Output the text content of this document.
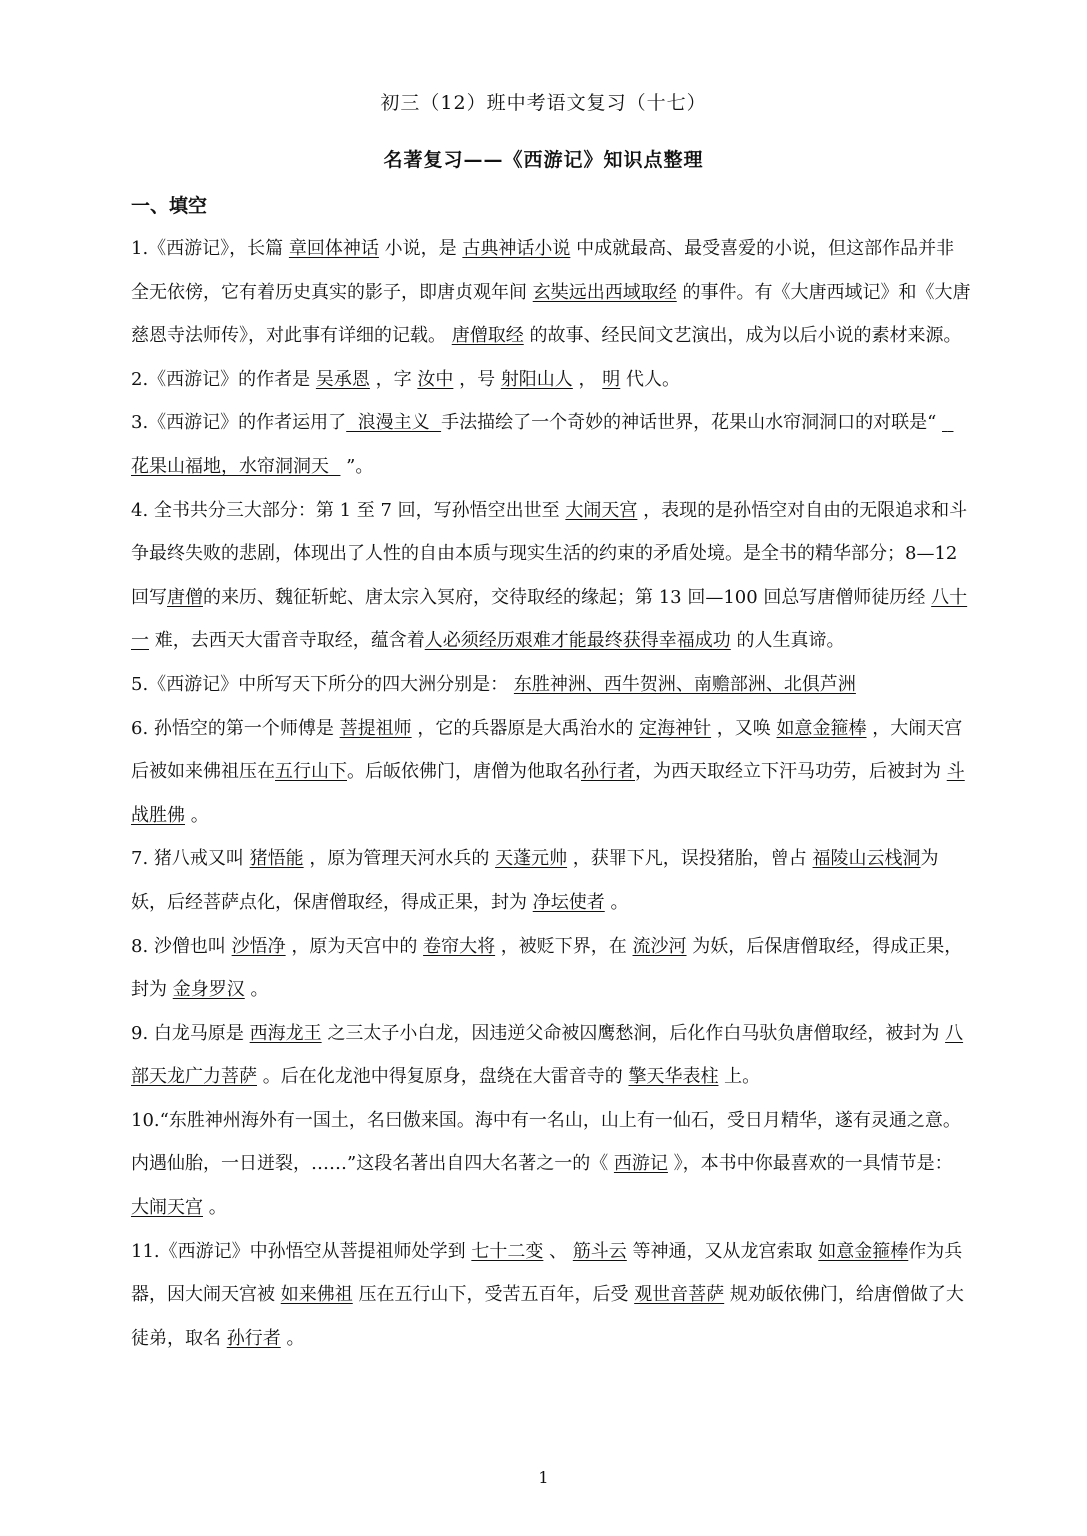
初三（12）班中考语文复习（十七）
名著复习——《西游记》知识点整理
一、填空

1.《西游记》，长篇 章回体神话 小说，是 古典神话小说 中成就最高、最受喜爱的小说，但这部作品并非全无依傍，它有着历史真实的影子，即唐贞观年间 玄奘远出西域取经 的事件。有《大唐西域记》和《大唐慈恩寺法师传》，对此事有详细的记载。 唐僧取经 的故事、经民间文艺演出，成为以后小说的素材来源。

2.《西游记》的作者是 吴承恩 ，字 汝中 ，号 射阳山人 ， 明 代人。

3.《西游记》的作者运用了  浪漫主义  手法描绘了一个奇妙的神话世界，花果山水帘洞洞口的对联是“   花果山福地，水帘洞洞天   ”。

4. 全书共分三大部分：第 1 至 7 回，写孙悟空出世至 大闹天宫 ，表现的是孙悟空对自由的无限追求和斗争最终失败的悲剧，体现出了人性的自由本质与现实生活的约束的矛盾处境。是全书的精华部分；8—12 回写唐僧的来历、魏征斩蛇、唐太宗入冥府，交待取经的缘起；第 13 回—100 回总写唐僧师徒历经 八十一 难，去西天大雷音寺取经，蕴含着人必须经历艰难才能最终获得幸福成功 的人生真谛。

5.《西游记》中所写天下所分的四大洲分别是： 东胜神洲、西牛贺洲、南赡部洲、北俱芦洲

6. 孙悟空的第一个师傅是 菩提祖师 ，它的兵器原是大禹治水的 定海神针 ，又唤 如意金箍棒 ，大闹天宫后被如来佛祖压在五行山下。后皈依佛门，唐僧为他取名孙行者，为西天取经立下汗马功劳，后被封为 斗战胜佛 。

7. 猪八戒又叫 猪悟能 ，原为管理天河水兵的 天蓬元帅 ，获罪下凡，误投猪胎，曾占 福陵山云栈洞为妖，后经菩萨点化，保唐僧取经，得成正果，封为 净坛使者 。

8. 沙僧也叫 沙悟净 ，原为天宫中的 卷帘大将 ，被贬下界，在 流沙河 为妖，后保唐僧取经，得成正果，封为 金身罗汉 。

9. 白龙马原是 西海龙王 之三太子小白龙，因违逆父命被囚鹰愁涧，后化作白马驮负唐僧取经，被封为 八部天龙广力菩萨 。后在化龙池中得复原身，盘绕在大雷音寺的 擎天华表柱 上。

10.“东胜神州海外有一国土，名曰傲来国。海中有一名山，山上有一仙石，受日月精华，遂有灵通之意。内遇仙胎，一日迸裂，……”这段名著出自四大名著之一的《 西游记 》，本书中你最喜欢的一具情节是： 大闹天宫 。

11.《西游记》中孙悟空从菩提祖师处学到 七十二变 、 筋斗云 等神通，又从龙宫索取 如意金箍棒作为兵器，因大闹天宫被 如来佛祖 压在五行山下，受苦五百年，后受 观世音菩萨 规劝皈依佛门，给唐僧做了大徒弟，取名 孙行者 。

1
